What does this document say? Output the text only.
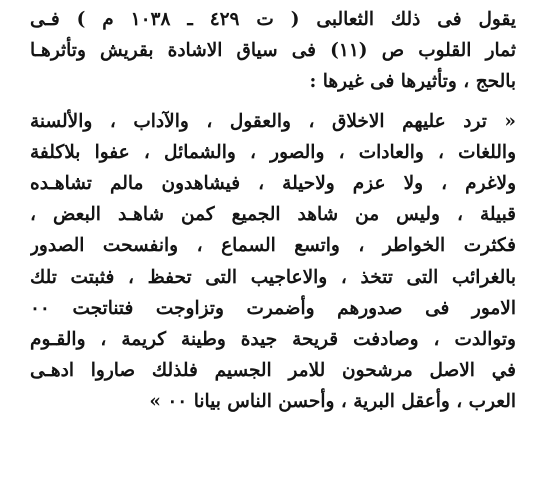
يقول فى ذلك الثعالبى ( ت ٤٢٩ ـ ١٠٣٨ م ) فـى
ثمار القلوب ص (١١) فى سياق الاشادة بقريش وتأثرهـا
بالحج ، وتأثيرها فى غيرها :
« ترد عليهم الاخلاق ، والعقول ، والآداب ، والألسنة
واللغات ، والعادات ، والصور ، والشمائل ، عفوا بلاكلفة
ولاغرم ، ولا عزم ولاحيلة ، فيشاهدون مالم تشاهـده
قبيلة ، وليس من شاهد الجميع كمن شاهـد البعض ،
فكثرت الخواطر ، واتسع السماع ، وانفسحت الصدور
بالغرائب التى تتخذ ، والاعاجيب التى تحفظ ، فثبتت تلك
الامور فى صدورهم وأضمرت وتزاوجت فتناتجت ٠٠
وتوالدت ، وصادفت قريحة جيدة وطينة كريمة ، والقـوم
في الاصل مرشحون للامر الجسيم فلذلك صاروا ادهـى
العرب ، وأعقل البرية ، وأحسن الناس بيانا ٠٠ »
